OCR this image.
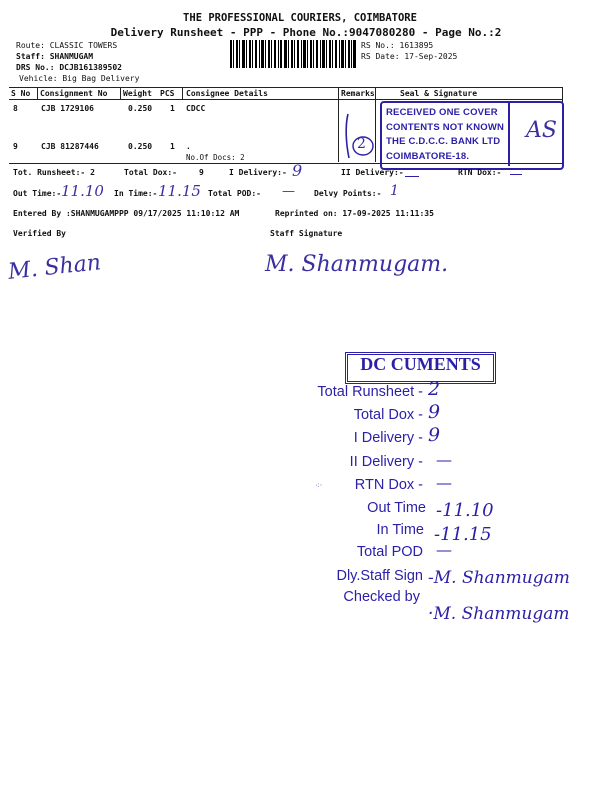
THE PROFESSIONAL COURIERS, COIMBATORE
Delivery Runsheet - PPP - Phone No.:9047080280 - Page No.:2
Route: CLASSIC TOWERS
Staff: SHANMUGAM
DRS No.: DCJB161389502
Vehicle: Big Bag Delivery
RS No.: 1613895
RS Date: 17-Sep-2025
S No Consignment No Weight PCS Consignee Details	Remarks	Seal & Signature
8	CJB 1729106	0.250 1 CDCC
9	CJB 81287446	0.250 1 .
No.Of Docs: 2
2
RECEIVED ONE COVER
CONTENTS NOT KNOWN
THE C.D.C.C. BANK LTD
COIMBATORE-18.
AS
Tot. Runsheet:- 2	Total Dox:-	9	I Delivery:- 9	II Delivery:-	RTN Dox:-
Out Time:- 11.10 In Time:- 11.15 Total POD:- — Delvy Points:- 1
Entered By :SHANMUGAMPPP 09/17/2025 11:10:12 AM	Reprinted on: 17-09-2025 11:11:35
Verified By	Staff Signature
M. Shan	M. Shanmugam.
DC CUMENTS
Total Runsheet - 2
Total Dox - 9
I Delivery - 9
II Delivery - —
⁖·	RTN Dox - —
Out Time -11.10
In Time -11.15
Total POD —
Dly.Staff Sign -M. Shanmugam
Checked by
·M. Shanmugam
